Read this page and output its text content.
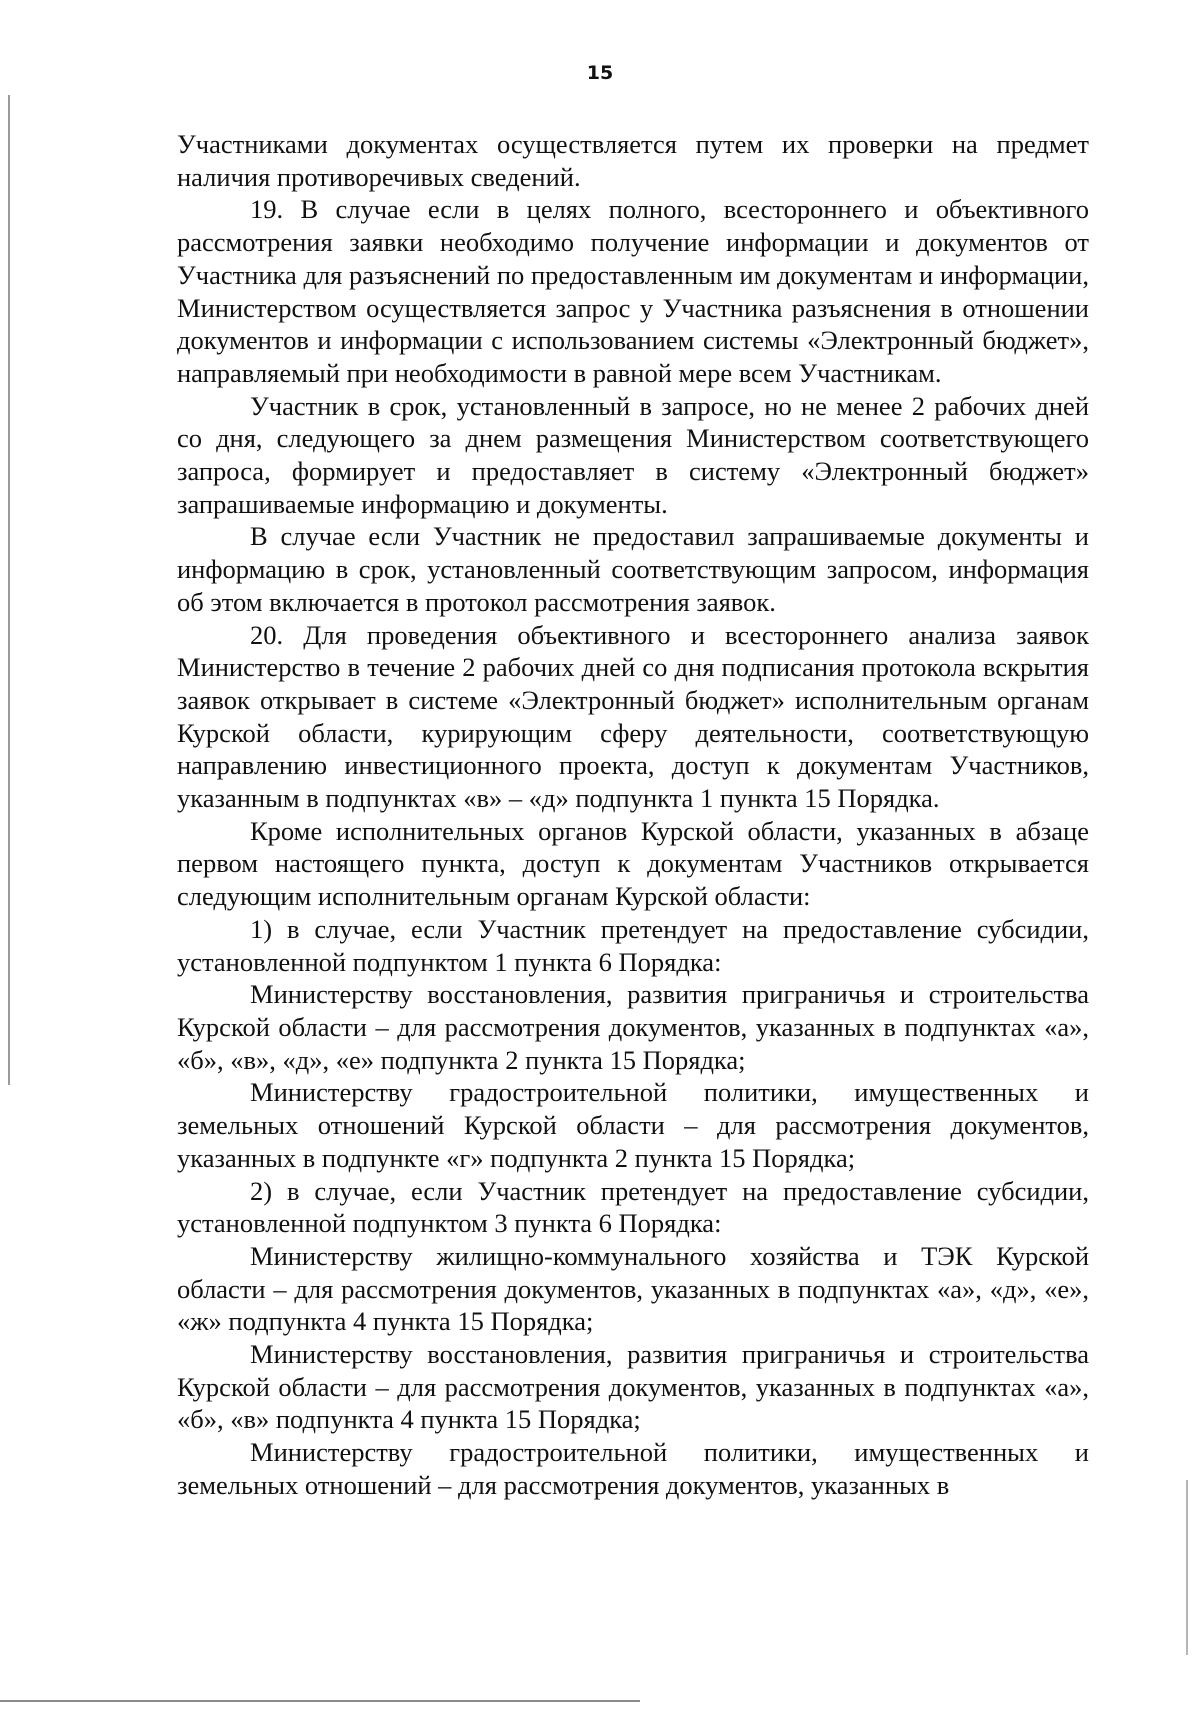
15

Участниками документах осуществляется путем их проверки на предмет наличия противоречивых сведений.

19. В случае если в целях полного, всестороннего и объективного рассмотрения заявки необходимо получение информации и документов от Участника для разъяснений по предоставленным им документам и информации, Министерством осуществляется запрос у Участника разъяснения в отношении документов и информации с использованием системы «Электронный бюджет», направляемый при необходимости в равной мере всем Участникам.

Участник в срок, установленный в запросе, но не менее 2 рабочих дней со дня, следующего за днем размещения Министерством соответствующего запроса, формирует и предоставляет в систему «Электронный бюджет» запрашиваемые информацию и документы.

В случае если Участник не предоставил запрашиваемые документы и информацию в срок, установленный соответствующим запросом, информация об этом включается в протокол рассмотрения заявок.

20. Для проведения объективного и всестороннего анализа заявок Министерство в течение 2 рабочих дней со дня подписания протокола вскрытия заявок открывает в системе «Электронный бюджет» исполнительным органам Курской области, курирующим сферу деятельности, соответствующую направлению инвестиционного проекта, доступ к документам Участников, указанным в подпунктах «в» – «д» подпункта 1 пункта 15 Порядка.

Кроме исполнительных органов Курской области, указанных в абзаце первом настоящего пункта, доступ к документам Участников открывается следующим исполнительным органам Курской области:

1) в случае, если Участник претендует на предоставление субсидии, установленной подпунктом 1 пункта 6 Порядка:

Министерству восстановления, развития приграничья и строительства Курской области – для рассмотрения документов, указанных в подпунктах «а», «б», «в», «д», «е» подпункта 2 пункта 15 Порядка;

Министерству градостроительной политики, имущественных и земельных отношений Курской области – для рассмотрения документов, указанных в подпункте «г» подпункта 2 пункта 15 Порядка;

2) в случае, если Участник претендует на предоставление субсидии, установленной подпунктом 3 пункта 6 Порядка:

Министерству жилищно-коммунального хозяйства и ТЭК Курской области – для рассмотрения документов, указанных в подпунктах «а», «д», «е», «ж» подпункта 4 пункта 15 Порядка;

Министерству восстановления, развития приграничья и строительства Курской области – для рассмотрения документов, указанных в подпунктах «а», «б», «в» подпункта 4 пункта 15 Порядка;

Министерству градостроительной политики, имущественных и земельных отношений – для рассмотрения документов, указанных в
